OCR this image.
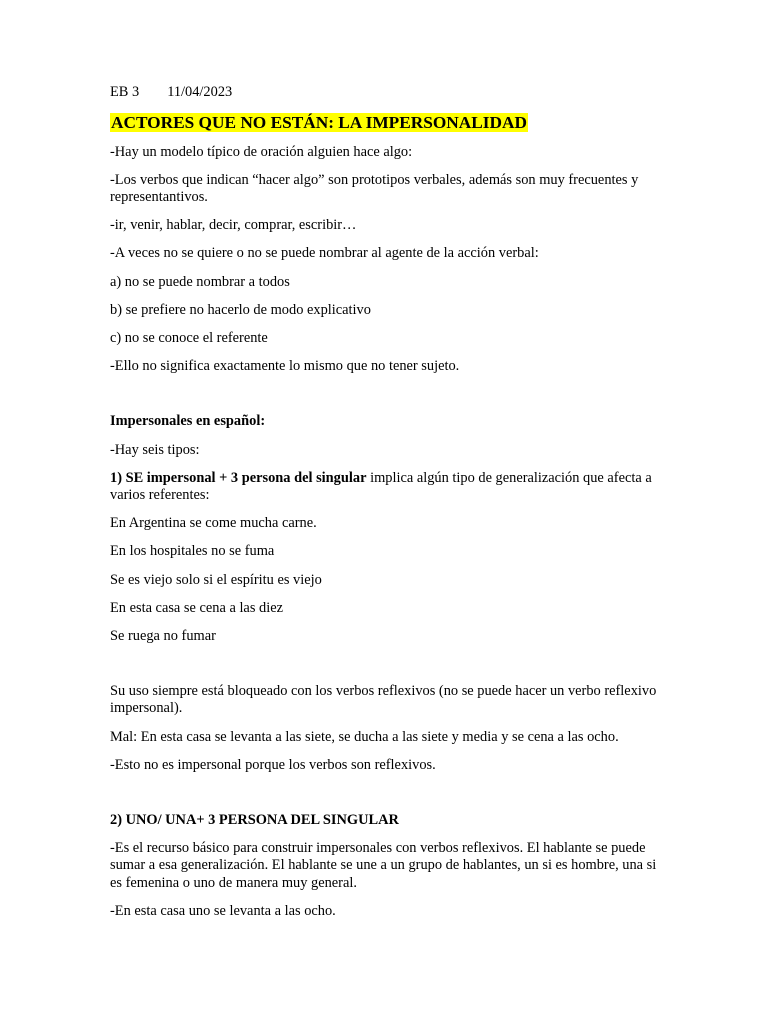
EB 3 11/04/2023
ACTORES QUE NO ESTÁN: LA IMPERSONALIDAD

-Hay un modelo típico de oración alguien hace algo:

-Los verbos que indican “hacer algo” son prototipos verbales, además son muy frecuentes y representantivos.

-ir, venir, hablar, decir, comprar, escribir…

-A veces no se quiere o no se puede nombrar al agente de la acción verbal:

a) no se puede nombrar a todos

b) se prefiere no hacerlo de modo explicativo

c) no se conoce el referente

-Ello no significa exactamente lo mismo que no tener sujeto.

Impersonales en español:

-Hay seis tipos:

1) SE impersonal + 3 persona del singular implica algún tipo de generalización que afecta a varios referentes:

En Argentina se come mucha carne.

En los hospitales no se fuma

Se es viejo solo si el espíritu es viejo

En esta casa se cena a las diez

Se ruega no fumar

Su uso siempre está bloqueado con los verbos reflexivos (no se puede hacer un verbo reflexivo impersonal).

Mal: En esta casa se levanta a las siete, se ducha a las siete y media y se cena a las ocho.

-Esto no es impersonal porque los verbos son reflexivos.

2) UNO/ UNA+ 3 PERSONA DEL SINGULAR

-Es el recurso básico para construir impersonales con verbos reflexivos. El hablante se puede sumar a esa generalización. El hablante se une a un grupo de hablantes, un si es hombre, una si es femenina o uno de manera muy general.

-En esta casa uno se levanta a las ocho.
